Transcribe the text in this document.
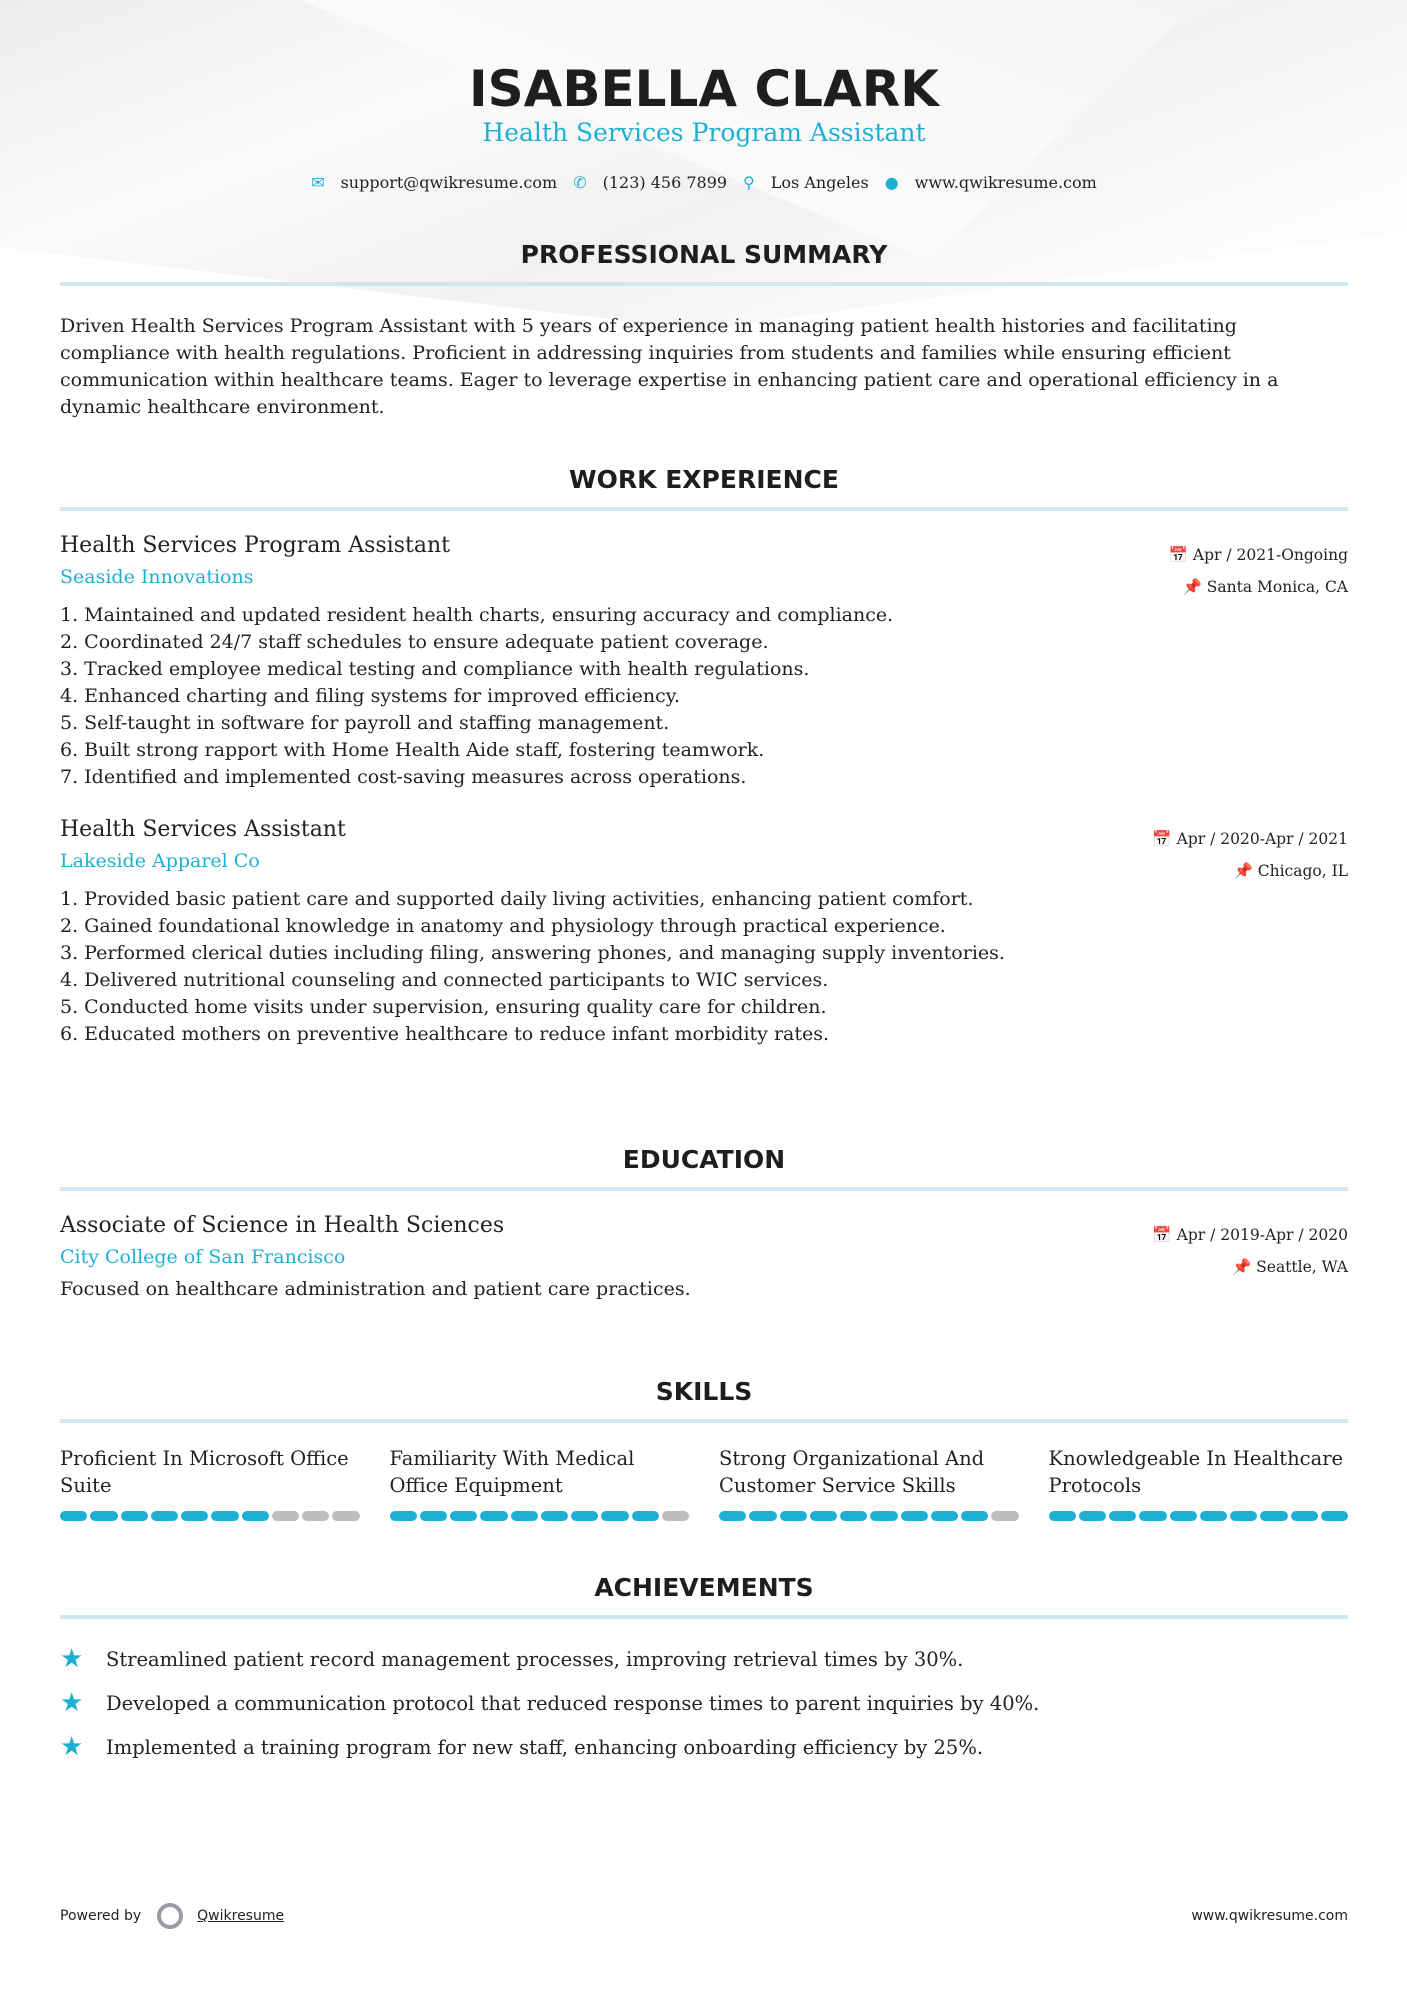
ISABELLA CLARK
Health Services Program Assistant
✉ support@qwikresume.com ✆ (123) 456 7899 ⚲ Los Angeles ● www.qwikresume.com
PROFESSIONAL SUMMARY

Driven Health Services Program Assistant with 5 years of experience in managing patient health histories and facilitating compliance with health regulations. Proficient in addressing inquiries from students and families while ensuring efficient communication within healthcare teams. Eager to leverage expertise in enhancing patient care and operational efficiency in a dynamic healthcare environment.

WORK EXPERIENCE
Health Services Program Assistant
Seaside Innovations
📅 Apr / 2021-Ongoing
📌 Santa Monica, CA
1. Maintained and updated resident health charts, ensuring accuracy and compliance.
2. Coordinated 24/7 staff schedules to ensure adequate patient coverage.
3. Tracked employee medical testing and compliance with health regulations.
4. Enhanced charting and filing systems for improved efficiency.
5. Self-taught in software for payroll and staffing management.
6. Built strong rapport with Home Health Aide staff, fostering teamwork.
7. Identified and implemented cost-saving measures across operations.
Health Services Assistant
Lakeside Apparel Co
📅 Apr / 2020-Apr / 2021
📌 Chicago, IL
1. Provided basic patient care and supported daily living activities, enhancing patient comfort.
2. Gained foundational knowledge in anatomy and physiology through practical experience.
3. Performed clerical duties including filing, answering phones, and managing supply inventories.
4. Delivered nutritional counseling and connected participants to WIC services.
5. Conducted home visits under supervision, ensuring quality care for children.
6. Educated mothers on preventive healthcare to reduce infant morbidity rates.
EDUCATION
Associate of Science in Health Sciences
City College of San Francisco
Focused on healthcare administration and patient care practices.
📅 Apr / 2019-Apr / 2020
📌 Seattle, WA
SKILLS
Proficient In Microsoft Office Suite
Familiarity With Medical Office Equipment
Strong Organizational And Customer Service Skills
Knowledgeable In Healthcare Protocols
ACHIEVEMENTS
★	Streamlined patient record management processes, improving retrieval times by 30%.
★	Developed a communication protocol that reduced response times to parent inquiries by 40%.
★	Implemented a training program for new staff, enhancing onboarding efficiency by 25%.
Powered by	Qwikresume	www.qwikresume.com
